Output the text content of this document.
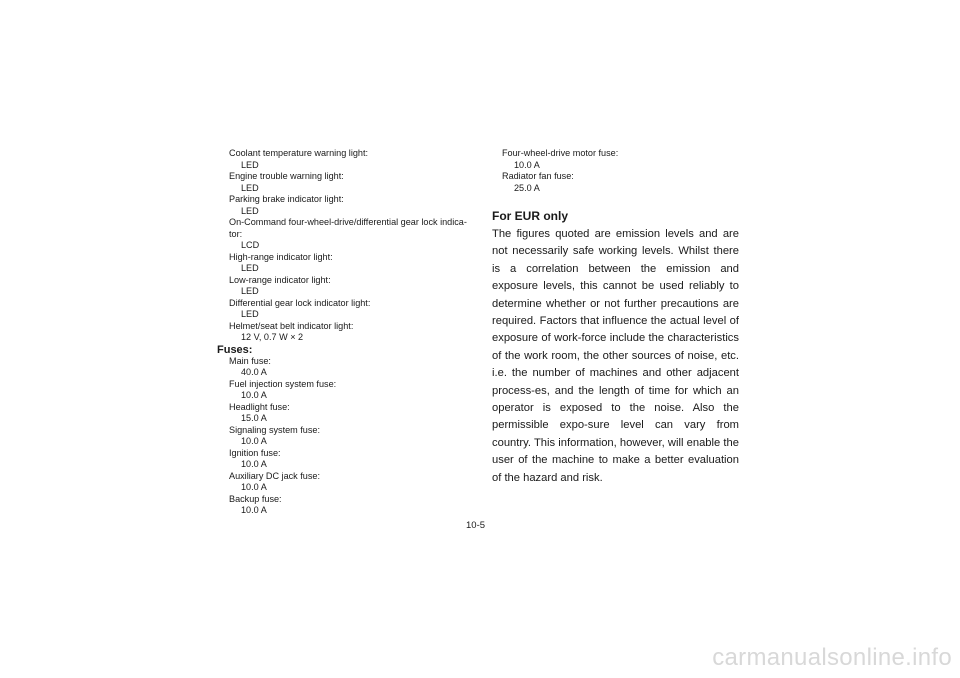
Coolant temperature warning light:
LED
Engine trouble warning light:
LED
Parking brake indicator light:
LED
On-Command four-wheel-drive/differential gear lock indica-
tor:
LCD
High-range indicator light:
LED
Low-range indicator light:
LED
Differential gear lock indicator light:
LED
Helmet/seat belt indicator light:
12 V, 0.7 W × 2
Fuses:
Main fuse:
40.0 A
Fuel injection system fuse:
10.0 A
Headlight fuse:
15.0 A
Signaling system fuse:
10.0 A
Ignition fuse:
10.0 A
Auxiliary DC jack fuse:
10.0 A
Backup fuse:
10.0 A
Four-wheel-drive motor fuse:
10.0 A
Radiator fan fuse:
25.0 A
For EUR only

The figures quoted are emission levels and are not necessarily safe working levels. Whilst there is a correlation between the emission and exposure levels, this cannot be used reliably to determine whether or not further precautions are required. Factors that influence the actual level of exposure of work-force include the characteristics of the work room, the other sources of noise, etc. i.e. the number of machines and other adjacent process-es, and the length of time for which an operator is exposed to the noise. Also the permissible expo-sure level can vary from country. This information, however, will enable the user of the machine to make a better evaluation of the hazard and risk.

10-5
carmanualsonline.info
